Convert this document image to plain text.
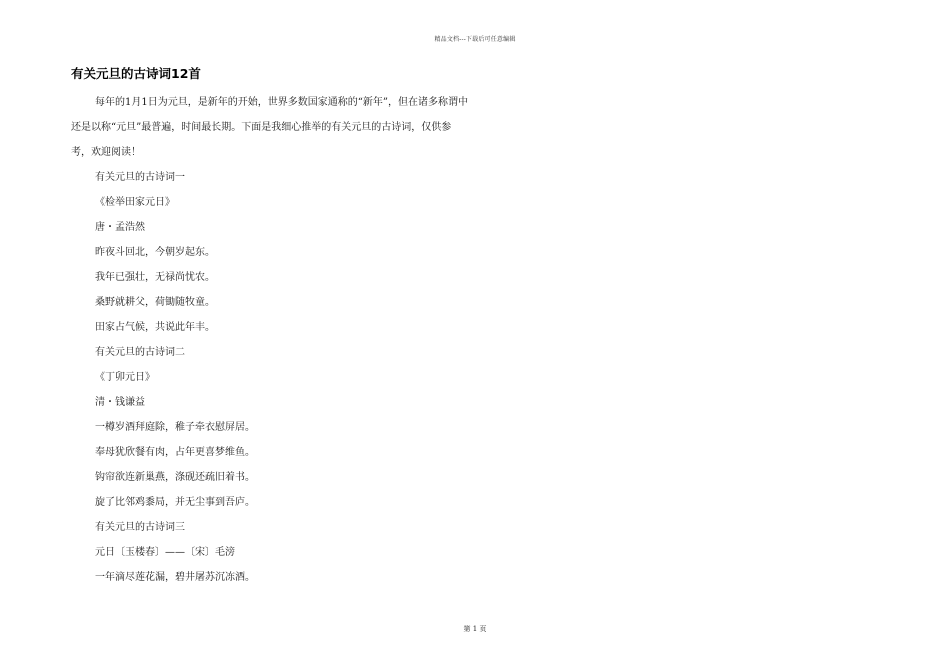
精品文档---下载后可任意编辑
有关元旦的古诗词12首

每年的1月1日为元旦，是新年的开始，世界多数国家通称的“新年”，但在诸多称谓中还是以称“元旦”最普遍，时间最长期。下面是我细心推举的有关元旦的古诗词，仅供参考，欢迎阅读！

有关元旦的古诗词一
《检举田家元日》
唐・孟浩然
昨夜斗回北，今朝岁起东。
我年已强壮，无禄尚忧农。
桑野就耕父，荷锄随牧童。
田家占气候，共说此年丰。
有关元旦的古诗词二
《丁卯元日》
清・钱谦益
一樽岁酒拜庭除，稚子牵衣慰屏居。
奉母犹欣餐有肉，占年更喜梦维鱼。
钩帘欲连新巢燕，涤砚还疏旧着书。
旋了比邻鸡黍局，并无尘事到吾庐。
有关元旦的古诗词三
元日〔玉楼春〕——〔宋〕毛滂
一年滴尽莲花漏，碧井屠苏沉冻酒。
第 1 页
